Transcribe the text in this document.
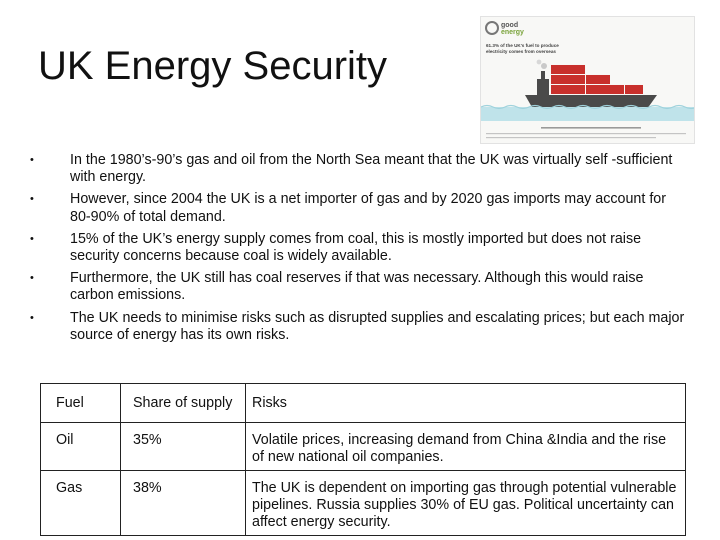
UK Energy Security
good
energy
61.3% of the UK's fuel to produce
electricity comes from overseas
•	In the 1980’s-90’s gas and oil from the North Sea meant that the UK was virtually self -sufficient with energy.
•	However, since 2004 the UK is a net importer of gas and by 2020 gas imports may account for 80-90% of total demand.
•	15% of the UK’s energy supply comes from coal, this is mostly imported but does not raise security concerns because coal is widely available.
•	Furthermore, the UK still has coal reserves if that was necessary. Although this would raise carbon emissions.
•	The UK needs to minimise risks such as disrupted supplies and escalating prices; but each major source of energy has its own risks.
Fuel	Share of supply	Risks
Oil	35%	Volatile prices, increasing demand from China &India and the rise of new national oil companies.
Gas	38%	The UK is dependent on importing gas through potential vulnerable pipelines. Russia supplies 30% of EU gas. Political uncertainty can affect energy security.
